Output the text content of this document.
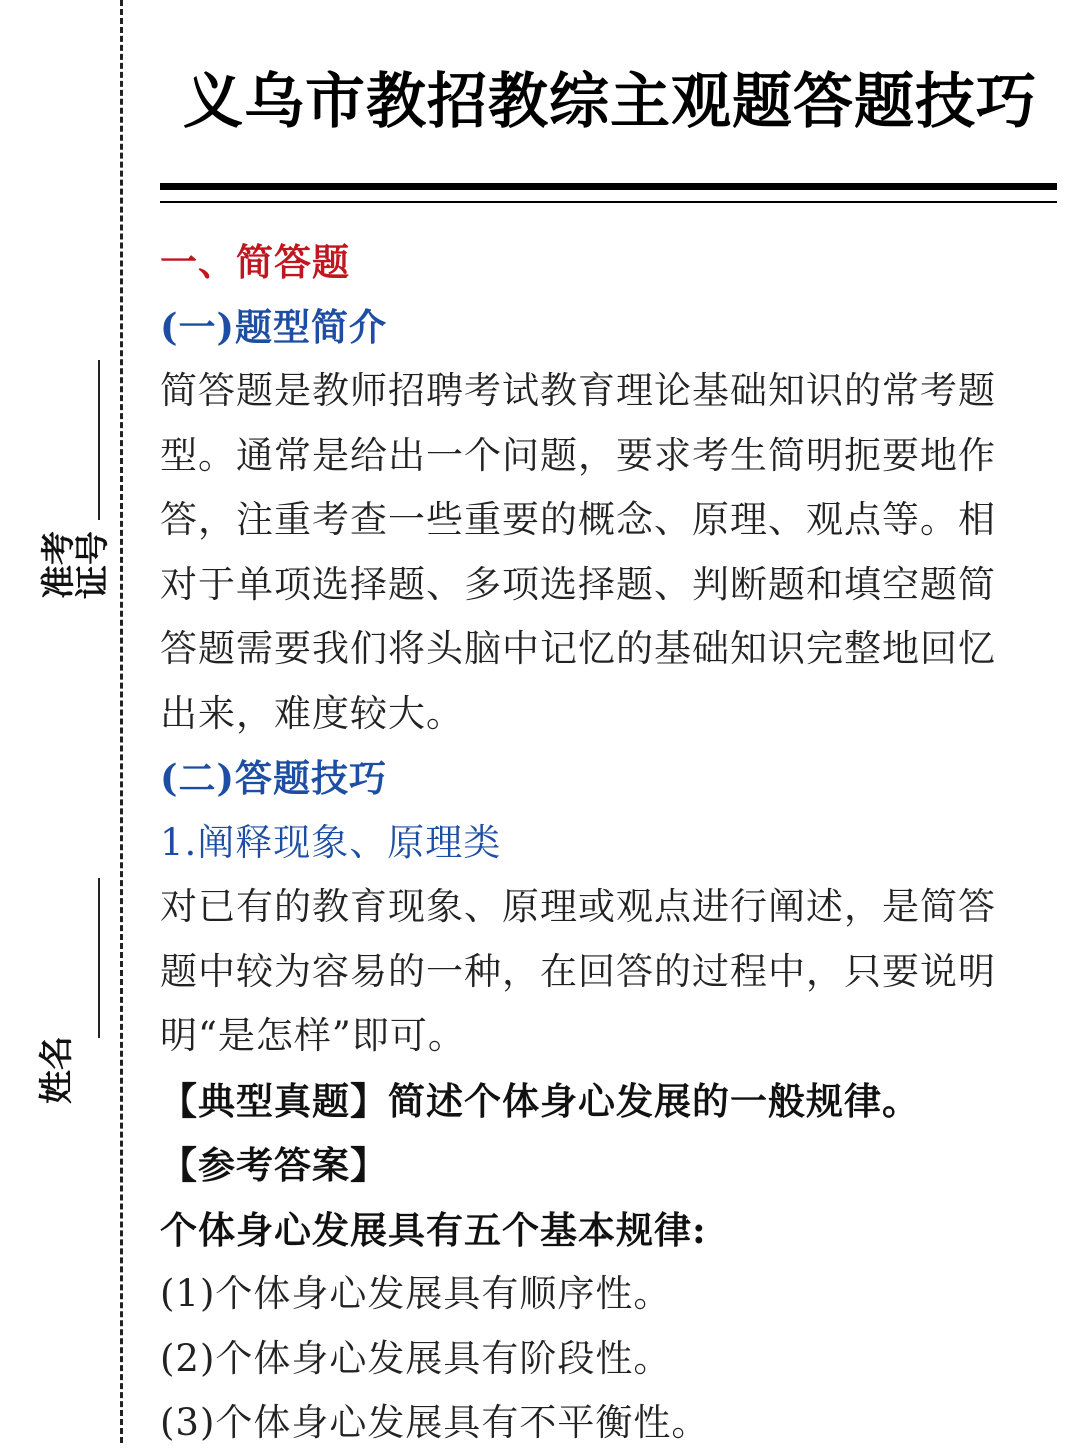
准考
证号
姓名
义乌市教招教综主观题答题技巧
一、简答题
(一)题型简介
简答题是教师招聘考试教育理论基础知识的常考题
型。通常是给出一个问题，要求考生简明扼要地作
答，注重考查一些重要的概念、原理、观点等。相
对于单项选择题、多项选择题、判断题和填空题简
答题需要我们将头脑中记忆的基础知识完整地回忆
出来，难度较大。
(二)答题技巧
1.阐释现象、原理类
对已有的教育现象、原理或观点进行阐述，是简答
题中较为容易的一种，在回答的过程中，只要说明
明“是怎样”即可。
【典型真题】简述个体身心发展的一般规律。
【参考答案】
个体身心发展具有五个基本规律:
(1)个体身心发展具有顺序性。
(2)个体身心发展具有阶段性。
(3)个体身心发展具有不平衡性。
